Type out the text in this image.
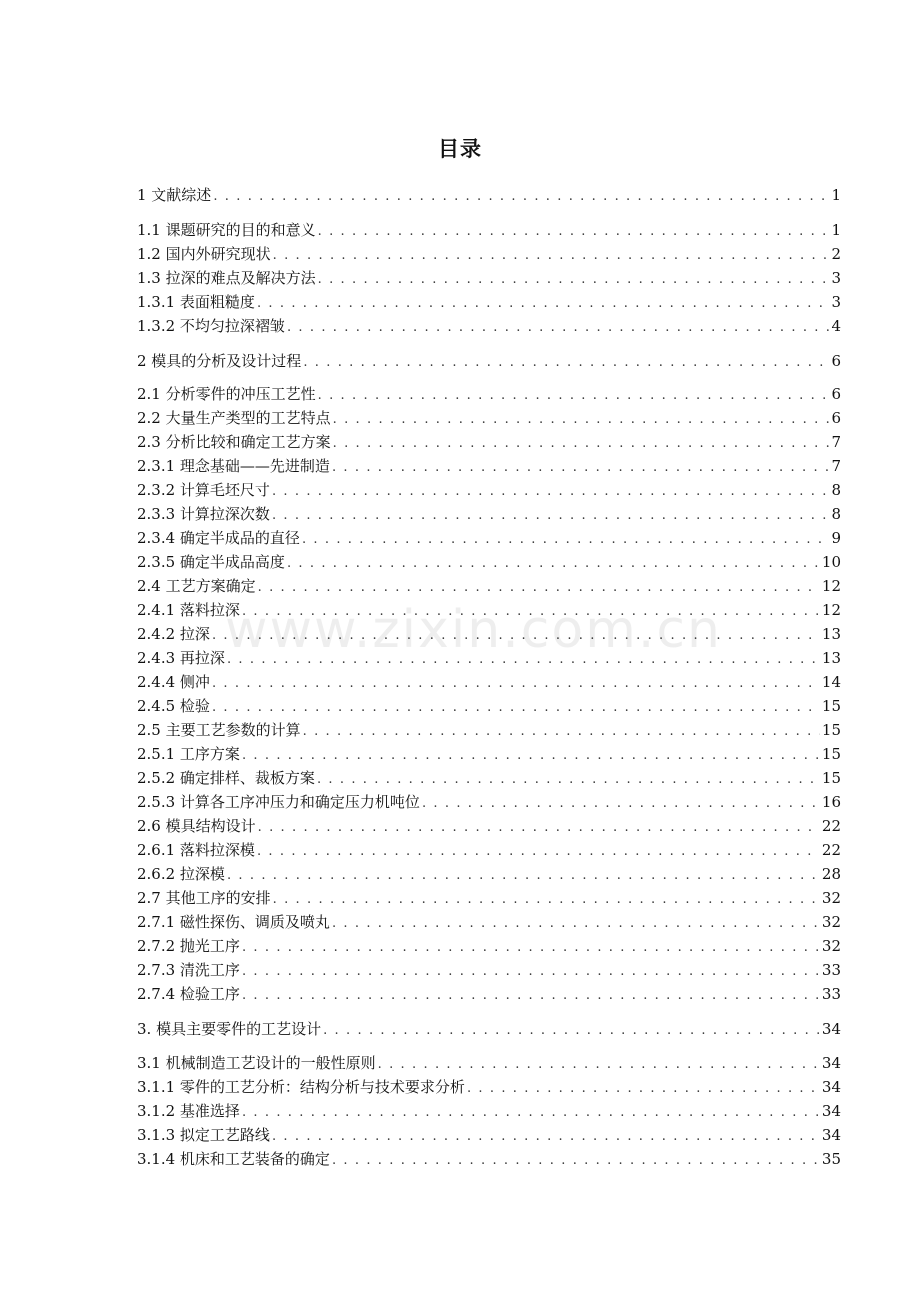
目录
www.zixin.com.cn
1 文献综述 . . .	1
1.1 课题研究的目的和意义 . . .	1
1.2 国内外研究现状 . . .	2
1.3 拉深的难点及解决方法 . . .	3
1.3.1 表面粗糙度 . . .	3
1.3.2 不均匀拉深褶皱 . . .	4
2 模具的分析及设计过程 . . .	6
2.1 分析零件的冲压工艺性 . . .	6
2.2 大量生产类型的工艺特点 . . .	6
2.3 分析比较和确定工艺方案 . . .	7
2.3.1 理念基础——先进制造 . . .	7
2.3.2 计算毛坯尺寸 . . .	8
2.3.3 计算拉深次数 . . .	8
2.3.4 确定半成品的直径 . . .	9
2.3.5 确定半成品高度 . . .	10
2.4 工艺方案确定 . . .	12
2.4.1 落料拉深 . . .	12
2.4.2 拉深 . . .	13
2.4.3 再拉深 . . .	13
2.4.4 侧冲 . . .	14
2.4.5 检验 . . .	15
2.5 主要工艺参数的计算 . . .	15
2.5.1 工序方案 . . .	15
2.5.2 确定排样、裁板方案 . . .	15
2.5.3 计算各工序冲压力和确定压力机吨位 . . .	16
2.6 模具结构设计 . . .	22
2.6.1 落料拉深模 . . .	22
2.6.2 拉深模 . . .	28
2.7 其他工序的安排 . . .	32
2.7.1 磁性探伤、调质及喷丸 . . .	32
2.7.2 抛光工序 . . .	32
2.7.3 清洗工序 . . .	33
2.7.4 检验工序 . . .	33
3. 模具主要零件的工艺设计 . . .	34
3.1 机械制造工艺设计的一般性原则 . . .	34
3.1.1 零件的工艺分析：结构分析与技术要求分析 . . .	34
3.1.2 基准选择 . . .	34
3.1.3 拟定工艺路线 . . .	34
3.1.4 机床和工艺装备的确定 . . .	35
